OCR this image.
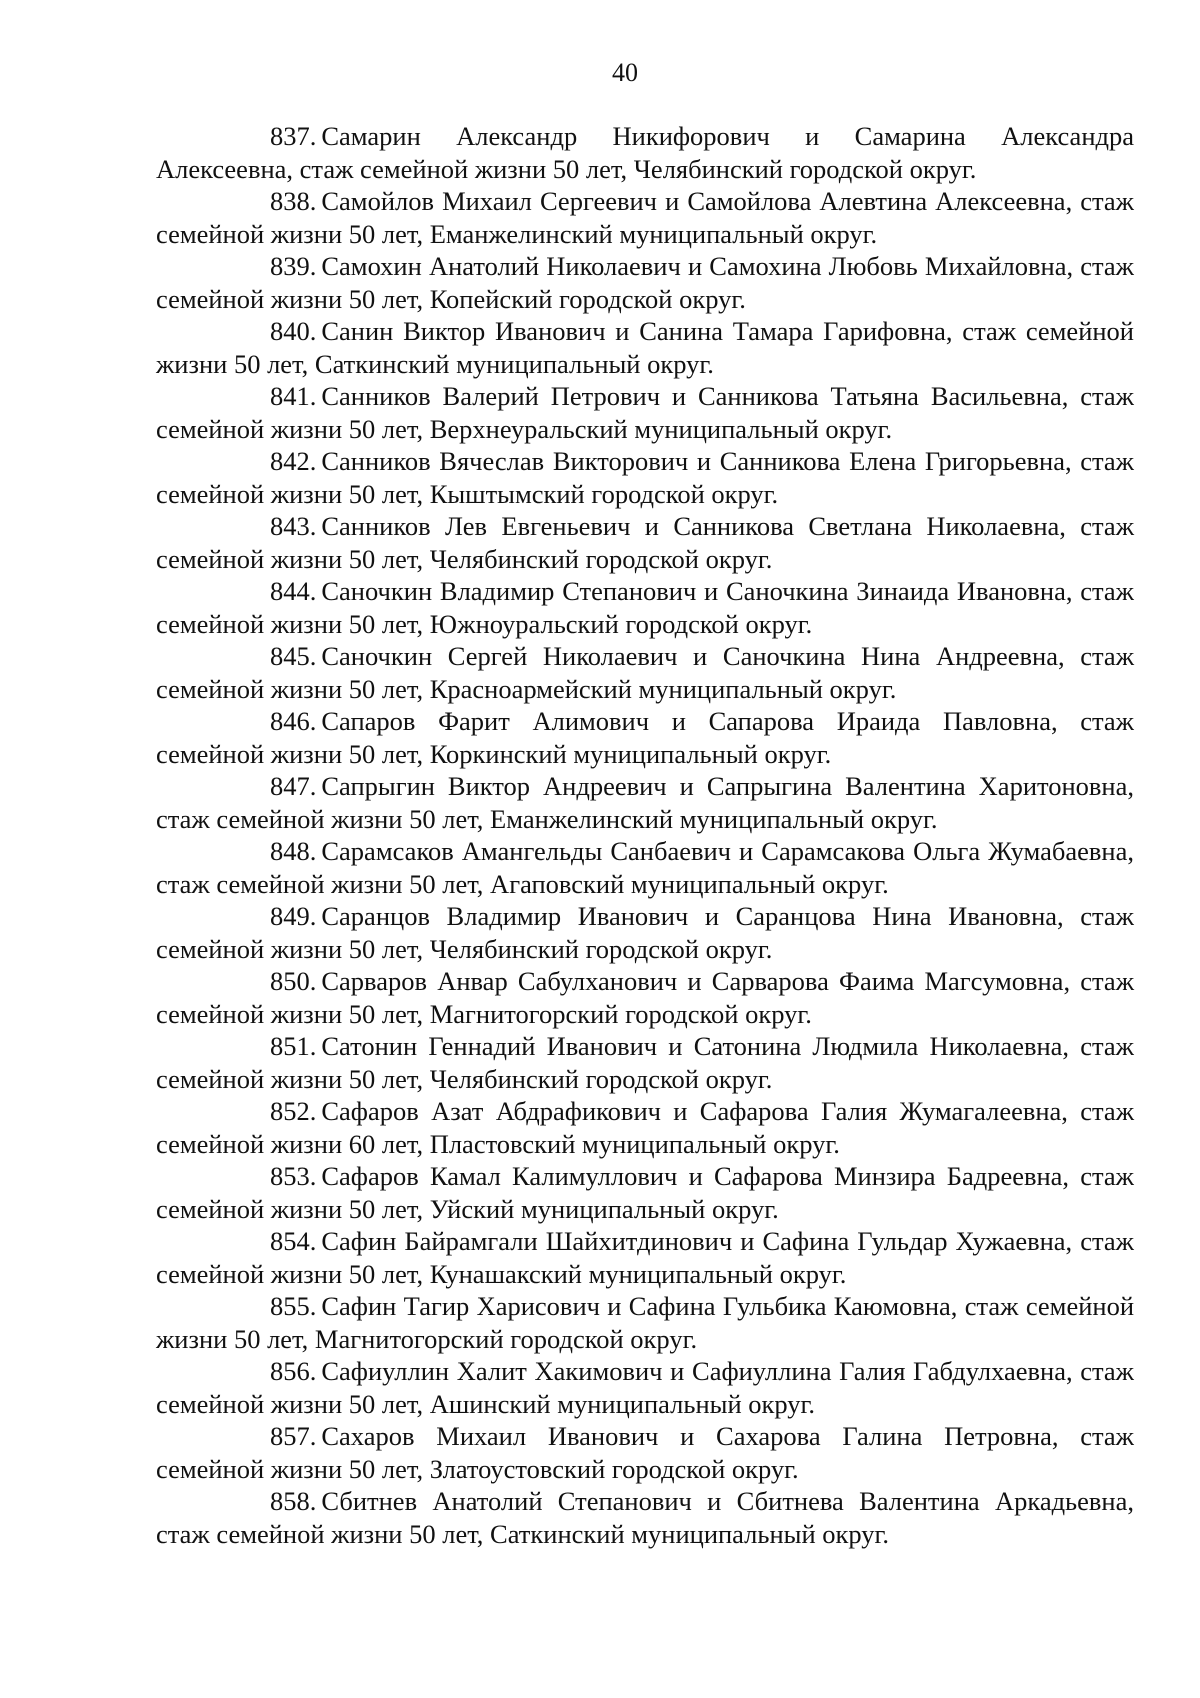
40

837. Самарин Александр Никифорович и Самарина Александра Алексеевна, стаж семейной жизни 50 лет, Челябинский городской округ.

838. Самойлов Михаил Сергеевич и Самойлова Алевтина Алексеевна, стаж семейной жизни 50 лет, Еманжелинский муниципальный округ.

839. Самохин Анатолий Николаевич и Самохина Любовь Михайловна, стаж семейной жизни 50 лет, Копейский городской округ.

840. Санин Виктор Иванович и Санина Тамара Гарифовна, стаж семейной жизни 50 лет, Саткинский муниципальный округ.

841. Санников Валерий Петрович и Санникова Татьяна Васильевна, стаж семейной жизни 50 лет, Верхнеуральский муниципальный округ.

842. Санников Вячеслав Викторович и Санникова Елена Григорьевна, стаж семейной жизни 50 лет, Кыштымский городской округ.

843. Санников Лев Евгеньевич и Санникова Светлана Николаевна, стаж семейной жизни 50 лет, Челябинский городской округ.

844. Саночкин Владимир Степанович и Саночкина Зинаида Ивановна, стаж семейной жизни 50 лет, Южноуральский городской округ.

845. Саночкин Сергей Николаевич и Саночкина Нина Андреевна, стаж семейной жизни 50 лет, Красноармейский муниципальный округ.

846. Сапаров Фарит Алимович и Сапарова Ираида Павловна, стаж семейной жизни 50 лет, Коркинский муниципальный округ.

847. Сапрыгин Виктор Андреевич и Сапрыгина Валентина Харитоновна, стаж семейной жизни 50 лет, Еманжелинский муниципальный округ.

848. Сарамсаков Амангельды Санбаевич и Сарамсакова Ольга Жумабаевна, стаж семейной жизни 50 лет, Агаповский муниципальный округ.

849. Саранцов Владимир Иванович и Саранцова Нина Ивановна, стаж семейной жизни 50 лет, Челябинский городской округ.

850. Сарваров Анвар Сабулханович и Сарварова Фаима Магсумовна, стаж семейной жизни 50 лет, Магнитогорский городской округ.

851. Сатонин Геннадий Иванович и Сатонина Людмила Николаевна, стаж семейной жизни 50 лет, Челябинский городской округ.

852. Сафаров Азат Абдрафикович и Сафарова Галия Жумагалеевна, стаж семейной жизни 60 лет, Пластовский муниципальный округ.

853. Сафаров Камал Калимуллович и Сафарова Минзира Бадреевна, стаж семейной жизни 50 лет, Уйский муниципальный округ.

854. Сафин Байрамгали Шайхитдинович и Сафина Гульдар Хужаевна, стаж семейной жизни 50 лет, Кунашакский муниципальный округ.

855. Сафин Тагир Харисович и Сафина Гульбика Каюмовна, стаж семейной жизни 50 лет, Магнитогорский городской округ.

856. Сафиуллин Халит Хакимович и Сафиуллина Галия Габдулхаевна, стаж семейной жизни 50 лет, Ашинский муниципальный округ.

857. Сахаров Михаил Иванович и Сахарова Галина Петровна, стаж семейной жизни 50 лет, Златоустовский городской округ.

858. Сбитнев Анатолий Степанович и Сбитнева Валентина Аркадьевна, стаж семейной жизни 50 лет, Саткинский муниципальный округ.
